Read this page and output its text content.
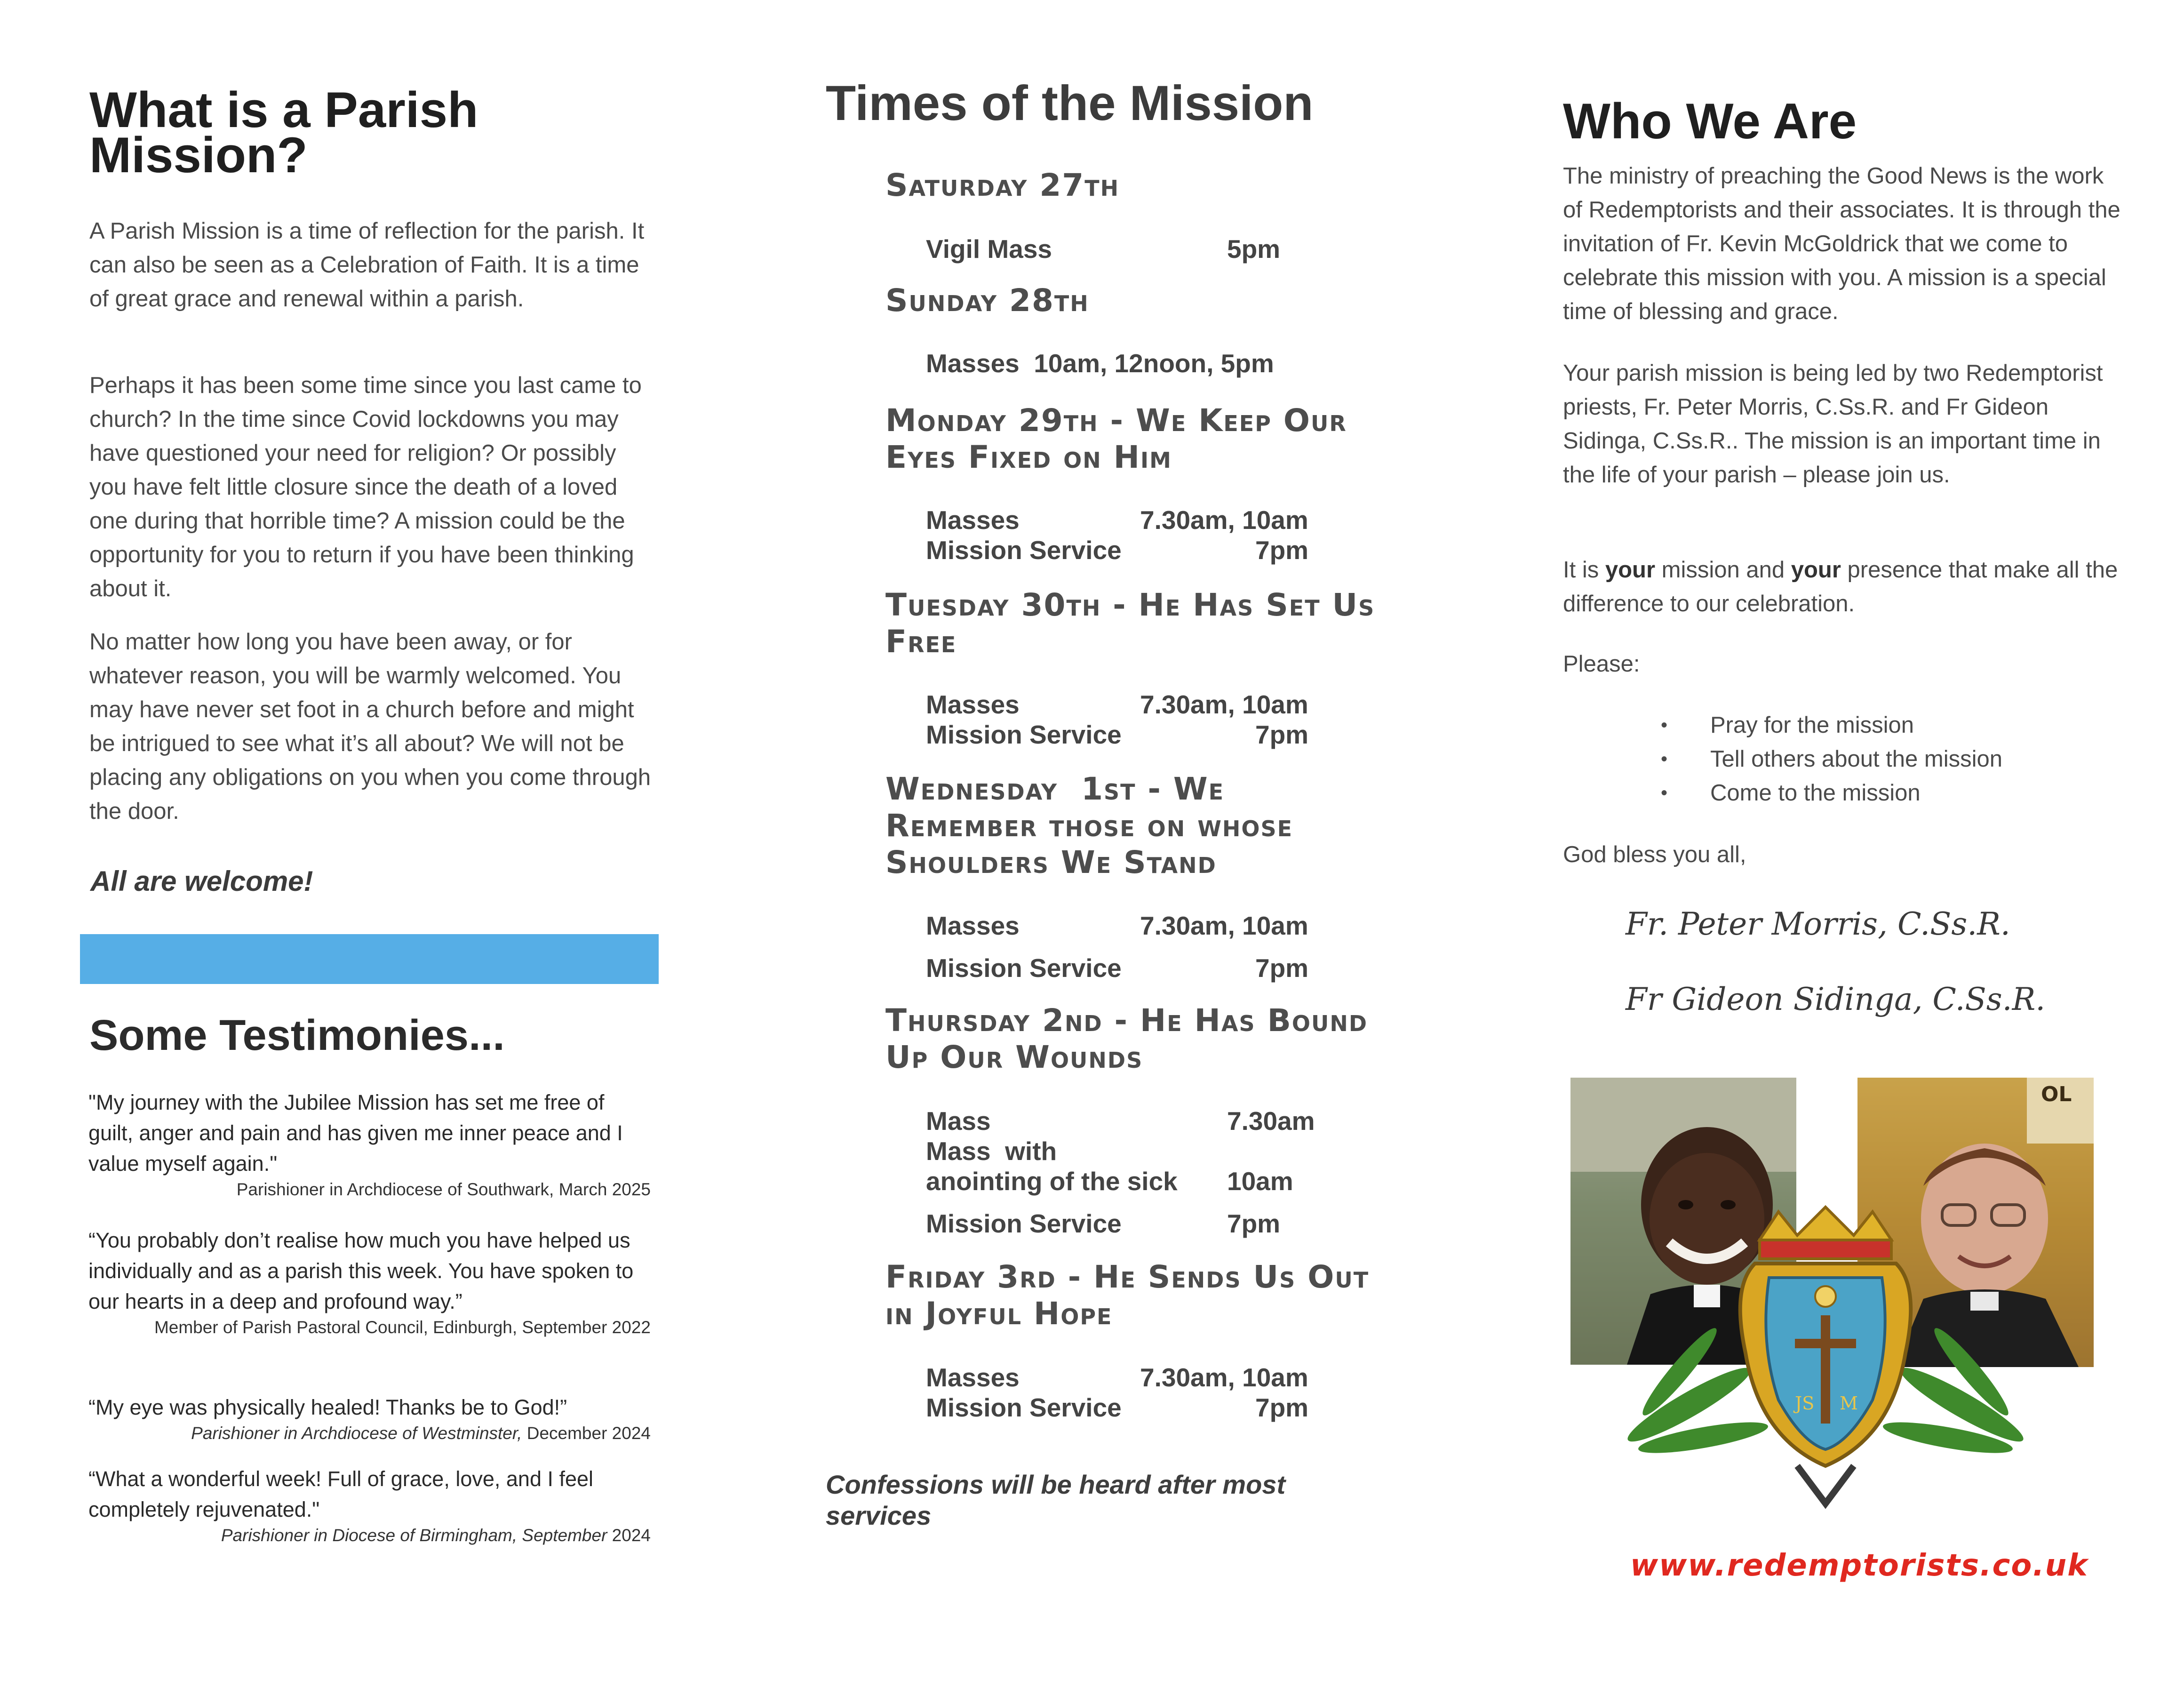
What is a Parish Mission?

A Parish Mission is a time of reflection for the parish. It can also be seen as a Celebration of Faith. It is a time of great grace and renewal within a parish.

Perhaps it has been some time since you last came to church? In the time since Covid lockdowns you may have questioned your need for religion? Or possibly you have felt little closure since the death of a loved one during that horrible time? A mission could be the opportunity for you to return if you have been thinking about it.

No matter how long you have been away, or for whatever reason, you will be warmly welcomed. You may have never set foot in a church before and might be intrigued to see what it’s all about? We will not be placing any obligations on you when you come through the door.

All are welcome!

Some Testimonies...

"My journey with the Jubilee Mission has set me free of guilt, anger and pain and has given me inner peace and I value myself again."

Parishioner in Archdiocese of Southwark, March 2025

“You probably don’t realise how much you have helped us individually and as a parish this week. You have spoken to our hearts in a deep and profound way.”

Member of Parish Pastoral Council, Edinburgh, September 2022

“My eye was physically healed! Thanks be to God!”

Parishioner in Archdiocese of Westminster, December 2024

“What a wonderful week! Full of grace, love, and I feel completely rejuvenated."

Parishioner in Diocese of Birmingham, September 2024

Times of the Mission
Saturday 27th
Vigil Mass	5pm
Sunday 28th
Masses  10am, 12noon, 5pm
Monday 29th - We Keep Our Eyes Fixed on Him
Masses	7.30am, 10am
Mission Service	7pm
Tuesday 30th - He Has Set Us Free
Masses	7.30am, 10am
Mission Service	7pm
Wednesday  1st - We Remember those on whose Shoulders We Stand
Masses	7.30am, 10am
Mission Service	7pm
Thursday 2nd - He Has Bound Up Our Wounds
Mass	7.30am
Mass  with
anointing of the sick 10am
Mission Service	7pm
Friday 3rd - He Sends Us Out in Joyful Hope
Masses	7.30am, 10am
Mission Service	7pm

Confessions will be heard after most services

Who We Are

The ministry of preaching the Good News is the work of Redemptorists and their associates. It is through the invitation of Fr. Kevin McGoldrick that we come to celebrate this mission with you. A mission is a special time of blessing and grace.

Your parish mission is being led by two Redemptorist priests, Fr. Peter Morris, C.Ss.R. and Fr Gideon Sidinga, C.Ss.R.. The mission is an important time in the life of your parish – please join us.

It is your mission and your presence that make all the difference to our celebration.

Please:

• Pray for the mission
• Tell others about the mission
• Come to the mission

God bless you all,

Fr. Peter Morris, C.Ss.R.
Fr Gideon Sidinga, C.Ss.R.
OL
JS M
www.redemptorists.co.uk
